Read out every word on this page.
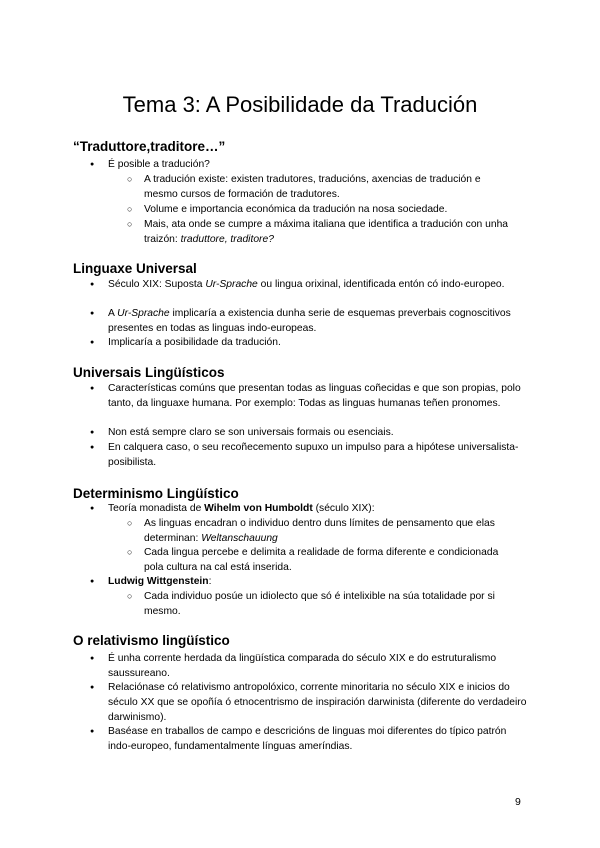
Tema 3: A Posibilidade da Tradución
“Traduttore,traditore…”
● É posible a tradución?
○ A tradución existe: existen tradutores, traducións, axencias de tradución e mesmo cursos de formación de tradutores.
○ Volume e importancia económica da tradución na nosa sociedade.
○ Mais, ata onde se cumpre a máxima italiana que identifica a tradución con unha traizón: traduttore, traditore?
Linguaxe Universal
● Século XIX: Suposta Ur-Sprache ou lingua orixinal, identificada entón có indo-europeo.
● A Ur-Sprache implicaría a existencia dunha serie de esquemas preverbais cognoscitivos presentes en todas as linguas indo-europeas.
● Implicaría a posibilidade da tradución.
Universais Lingüísticos
● Características comúns que presentan todas as linguas coñecidas e que son propias, polo tanto, da linguaxe humana. Por exemplo: Todas as linguas humanas teñen pronomes.
● Non está sempre claro se son universais formais ou esenciais.
● En calquera caso, o seu recoñecemento supuxo un impulso para a hipótese universalista-posibilista.
Determinismo Lingüístico
● Teoría monadista de Wihelm von Humboldt (século XIX):
○ As linguas encadran o individuo dentro duns límites de pensamento que elas determinan: Weltanschauung
○ Cada lingua percebe e delimita a realidade de forma diferente e condicionada pola cultura na cal está inserida.
● Ludwig Wittgenstein:
○ Cada individuo posúe un idiolecto que só é intelixible na súa totalidade por si mesmo.
O relativismo lingüístico
● É unha corrente herdada da lingüística comparada do século XIX e do estruturalismo saussureano.
● Relaciónase có relativismo antropolóxico, corrente minoritaria no século XIX e inicios do século XX que se opoñía ó etnocentrismo de inspiración darwinista (diferente do verdadeiro darwinismo).
● Baséase en traballos de campo e descricións de linguas moi diferentes do típico patrón indo-europeo, fundamentalmente línguas ameríndias.
9
